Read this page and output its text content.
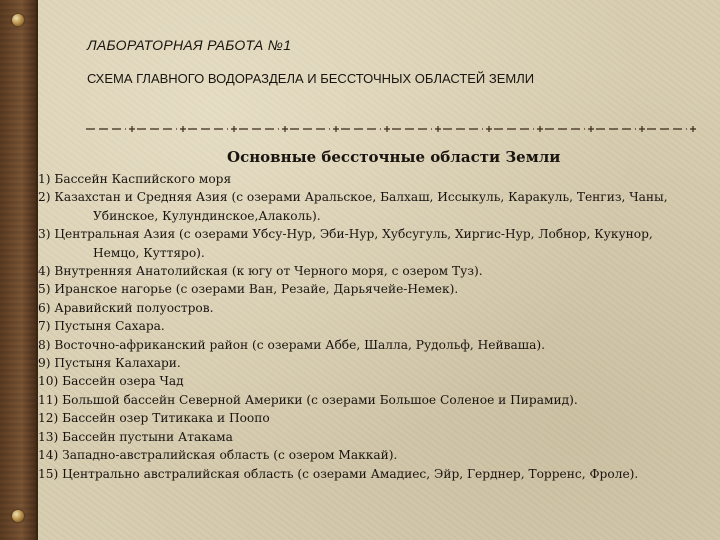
ЛАБОРАТОРНАЯ РАБОТА №1
СХЕМА ГЛАВНОГО ВОДОРАЗДЕЛА И БЕССТОЧНЫХ ОБЛАСТЕЙ ЗЕМЛИ
Основные бессточные области Земли
1) Бассейн Каспийского моря
2) Казахстан и Средняя Азия (с озерами Аральское, Балхаш, Иссыкуль, Каракуль, Тенгиз, Чаны, Убинское, Кулундинское,Алаколь).
3) Центральная Азия (с озерами Убсу-Нур, Эби-Нур, Хубсугуль, Хиргис-Нур, Лобнор, Кукунор, Немцо, Куттяро).
4) Внутренняя Анатолийская (к югу от Черного моря, с озером Туз).
5) Иранское нагорье (с озерами Ван, Резайе, Дарьячейе-Немек).
6) Аравийский полуостров.
7) Пустыня Сахара.
8) Восточно-африканский район (с озерами Аббе, Шалла, Рудольф, Нейваша).
9) Пустыня Калахари.
10) Бассейн озера Чад
11) Большой бассейн Северной Америки (с озерами Большое Соленое и Пирамид).
12) Бассейн озер Титикака и Поопо
13) Бассейн пустыни Атакама
14) Западно-австралийская область (с озером Маккай).
15) Центрально австралийская область (с озерами Амадиес, Эйр, Герднер, Торренс, Фроле).
